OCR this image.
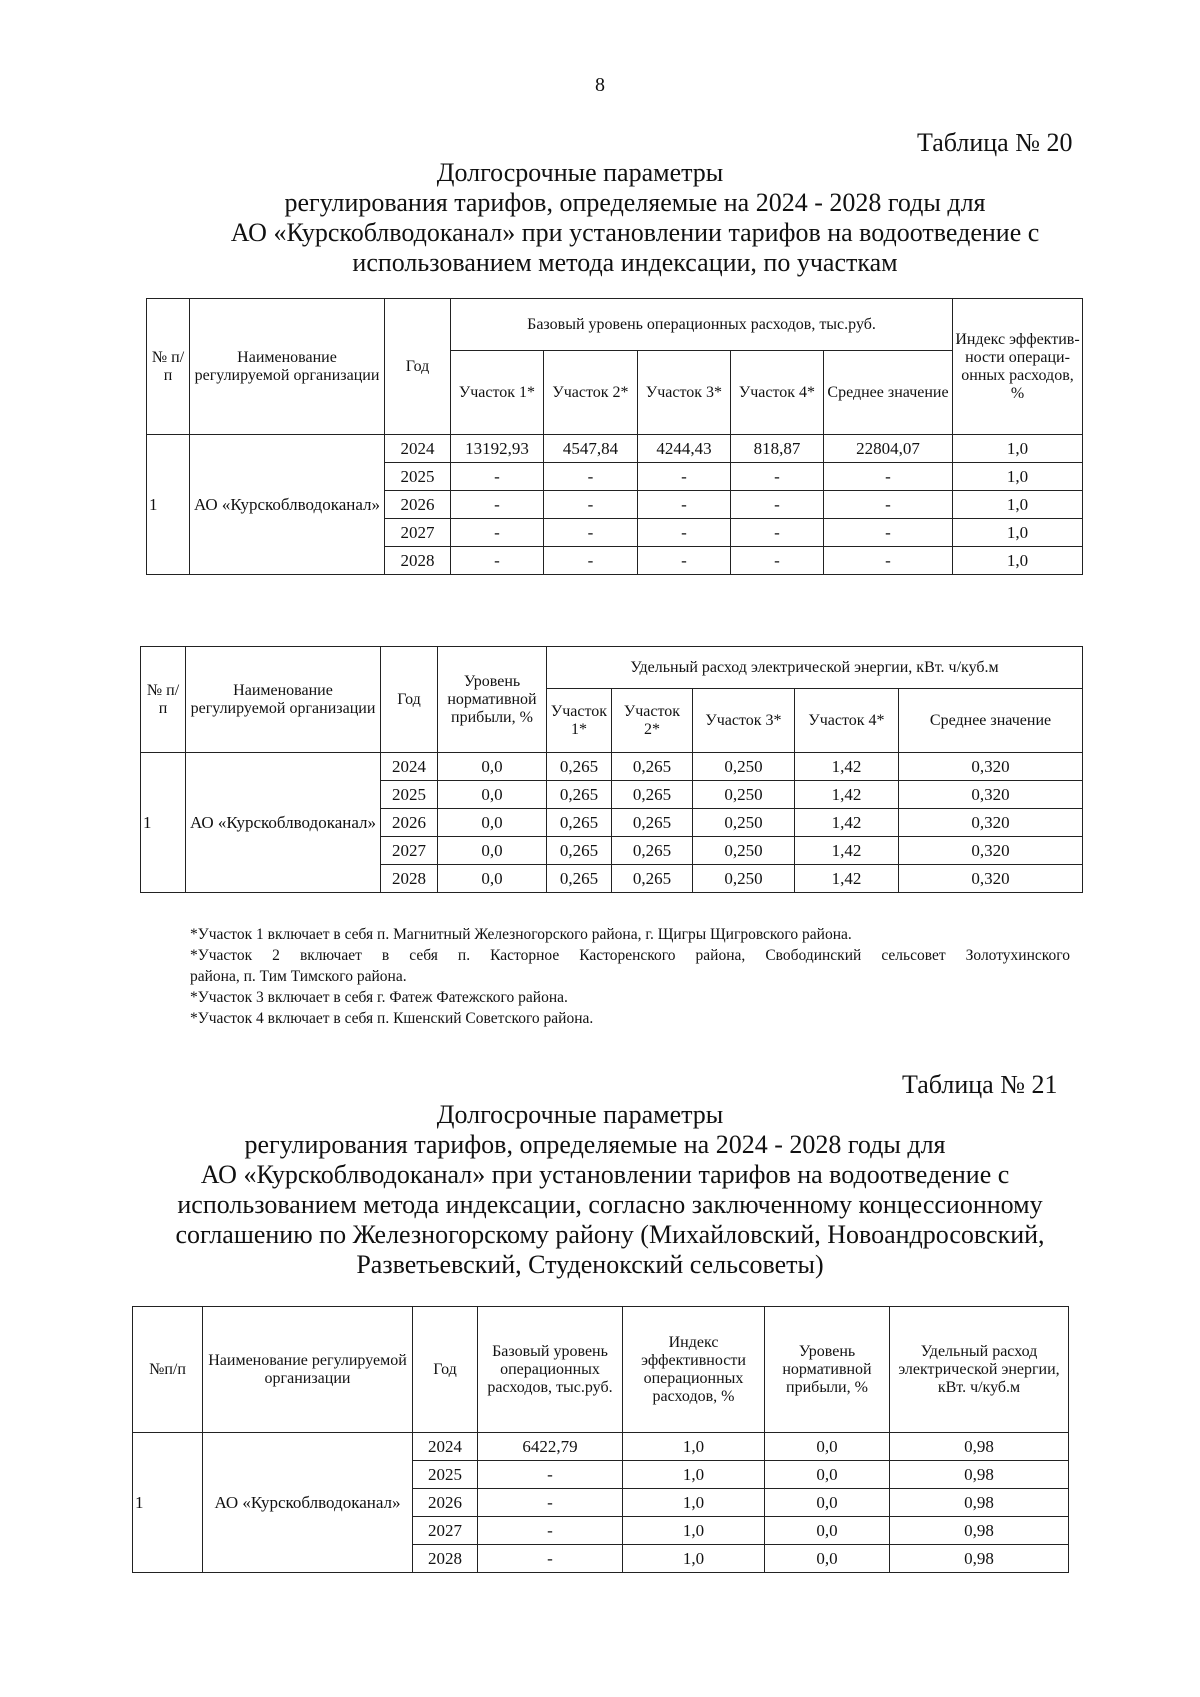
8
Таблица № 20
Долгосрочные параметры
регулирования тарифов, определяемые на 2024 - 2028 годы для
АО «Курскоблводоканал» при установлении тарифов на водоотведение с
использованием метода индексации, по участкам
№ п/п	Наименование регулируемой организации	Год	Базовый уровень операционных расходов, тыс.руб.					Индекс эффектив-ности операци-онных расходов, %
			Участок 1*	Участок 2*	Участок 3*	Участок 4*	Среднее значение	
1	АО «Курскоблводоканал»	2024	13192,93	4547,84	4244,43	818,87	22804,07	1,0
		2025	-	-	-	-	-	1,0
		2026	-	-	-	-	-	1,0
		2027	-	-	-	-	-	1,0
		2028	-	-	-	-	-	1,0
№ п/п	Наименование регулируемой организации	Год	Уровень нормативной прибыли, %	Удельный расход электрической энергии, кВт. ч/куб.м				
				Участок 1*	Участок 2*	Участок 3*	Участок 4*	Среднее значение
1	АО «Курскоблводоканал»	2024	0,0	0,265	0,265	0,250	1,42	0,320
		2025	0,0	0,265	0,265	0,250	1,42	0,320
		2026	0,0	0,265	0,265	0,250	1,42	0,320
		2027	0,0	0,265	0,265	0,250	1,42	0,320
		2028	0,0	0,265	0,265	0,250	1,42	0,320
*Участок 1 включает в себя п. Магнитный Железногорского района, г. Щигры Щигровского района.
*Участок 2 включает в себя п. Касторное Касторенского района, Свободинский сельсовет Золотухинского
района, п. Тим Тимского района.
*Участок 3 включает в себя г. Фатеж Фатежского района.
*Участок 4 включает в себя п. Кшенский Советского района.
Таблица № 21
Долгосрочные параметры
регулирования тарифов, определяемые на 2024 - 2028 годы для
АО «Курскоблводоканал» при установлении тарифов на водоотведение с
использованием метода индексации, согласно заключенному концессионному
соглашению по Железногорскому району (Михайловский, Новоандросовский,
Разветьевский, Студенокский сельсоветы)
№п/п	Наименование регулируемой организации	Год	Базовый уровень операционных расходов, тыс.руб.	Индекс эффективности операционных расходов, %	Уровень нормативной прибыли, %	Удельный расход электрической энергии, кВт. ч/куб.м
1	АО «Курскоблводоканал»	2024	6422,79	1,0	0,0	0,98
		2025	-	1,0	0,0	0,98
		2026	-	1,0	0,0	0,98
		2027	-	1,0	0,0	0,98
		2028	-	1,0	0,0	0,98
